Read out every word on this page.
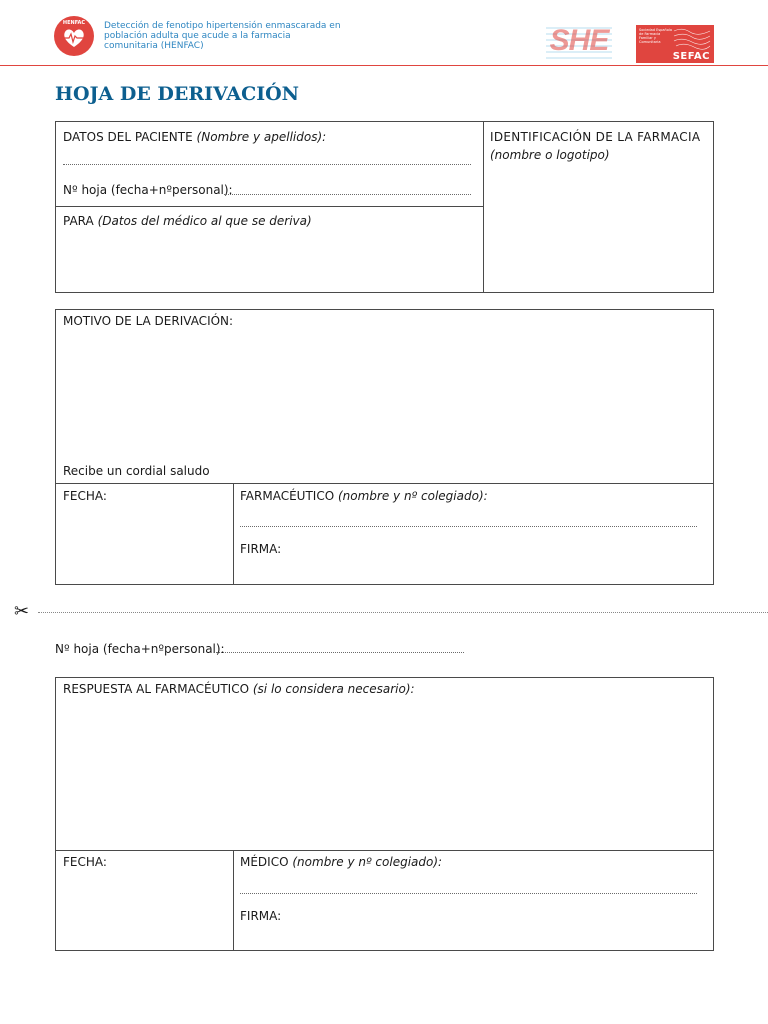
HENFAC	Detección de fenotipo hipertensión enmascarada en población adulta que acude a la farmacia comunitaria (HENFAC)	SHE	Sociedad Española de Farmacia Familiar y Comunitaria
SEFAC
HOJA DE DERIVACIÓN
DATOS DEL PACIENTE (Nombre y apellidos):
Nº hoja (fecha+nºpersonal):
PARA (Datos del médico al que se deriva)
IDENTIFICACIÓN DE LA FARMACIA
(nombre o logotipo)
MOTIVO DE LA DERIVACIÓN:
Recibe un cordial saludo
FECHA:	FARMACÉUTICO (nombre y nº colegiado):
FIRMA:
✂
Nº hoja (fecha+nºpersonal):
RESPUESTA AL FARMACÉUTICO (si lo considera necesario):
FECHA:	MÉDICO (nombre y nº colegiado):
FIRMA:
